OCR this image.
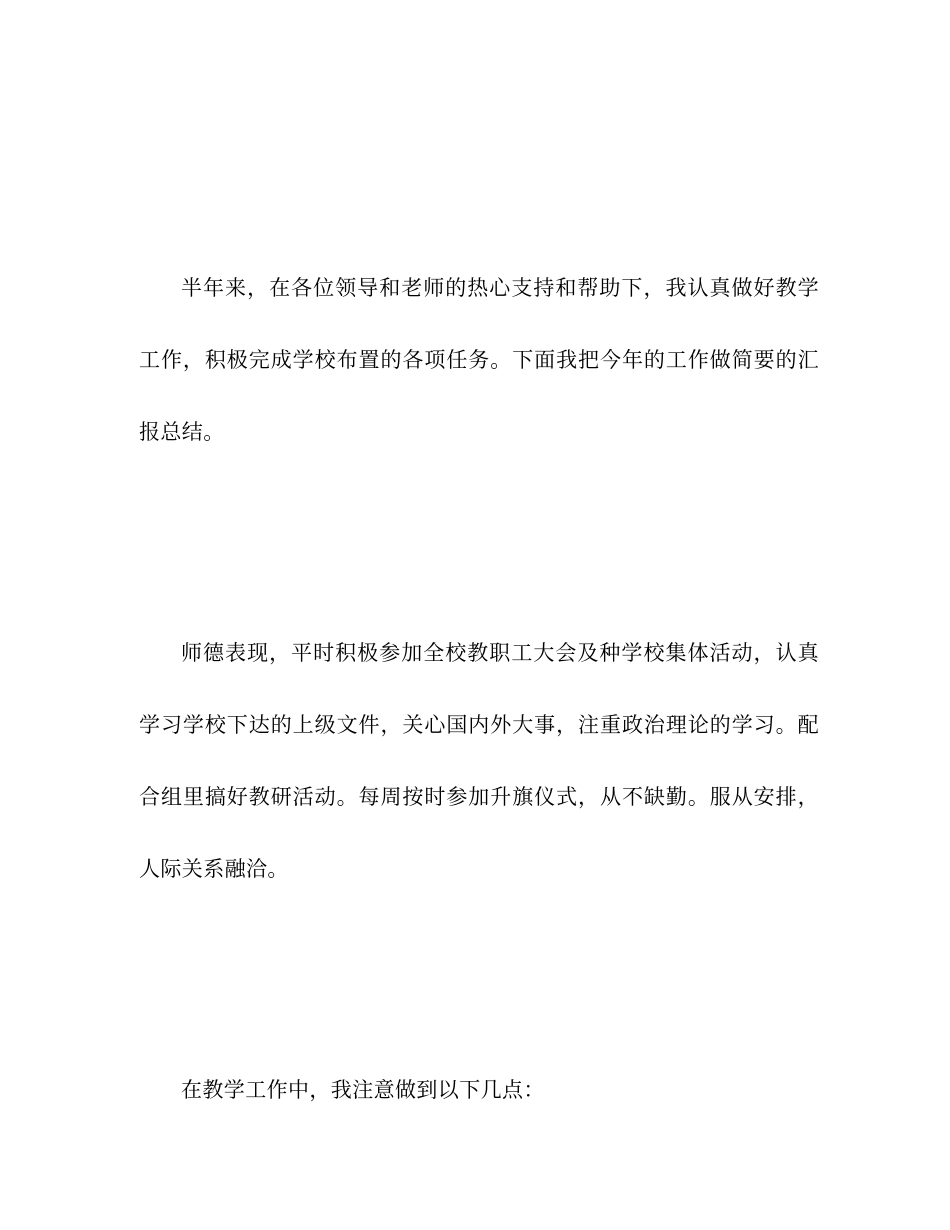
半年来，在各位领导和老师的热心支持和帮助下，我认真做好教学工作，积极完成学校布置的各项任务。下面我把今年的工作做简要的汇报总结。

师德表现，平时积极参加全校教职工大会及种学校集体活动，认真学习学校下达的上级文件，关心国内外大事，注重政治理论的学习。配合组里搞好教研活动。每周按时参加升旗仪式，从不缺勤。服从安排，人际关系融洽。

在教学工作中，我注意做到以下几点：
